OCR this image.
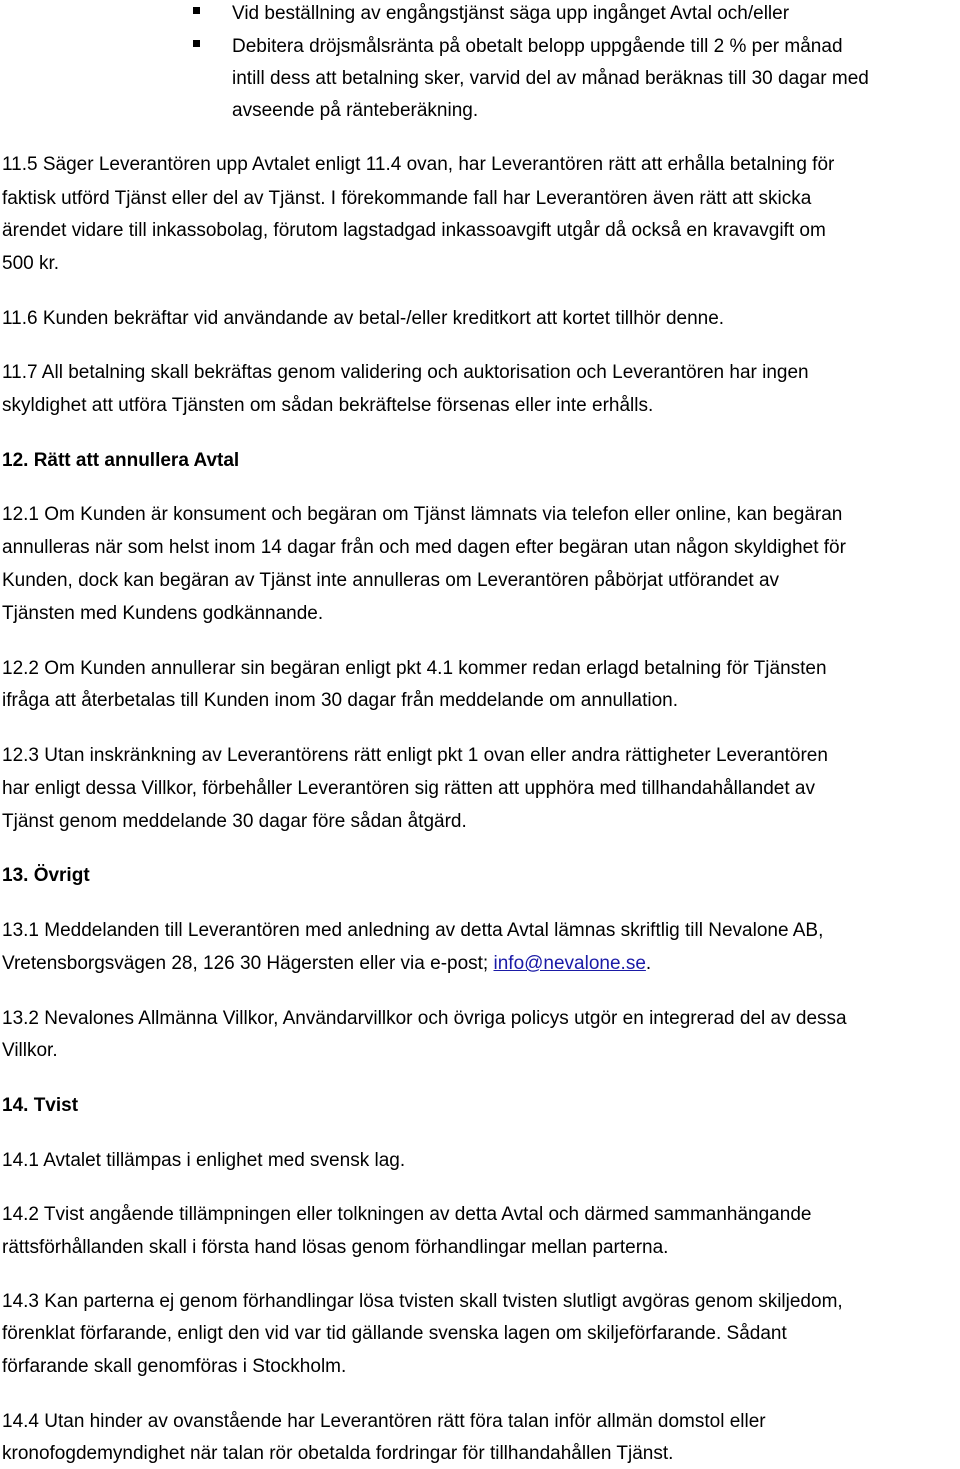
Vid beställning av engångstjänst säga upp ingånget Avtal och/eller
Debitera dröjsmålsränta på obetalt belopp uppgående till 2 % per månad
intill dess att betalning sker, varvid del av månad beräknas till 30 dagar med
avseende på ränteberäkning.
11.5 Säger Leverantören upp Avtalet enligt 11.4 ovan, har Leverantören rätt att erhålla betalning för
faktisk utförd Tjänst eller del av Tjänst. I förekommande fall har Leverantören även rätt att skicka
ärendet vidare till inkassobolag, förutom lagstadgad inkassoavgift utgår då också en kravavgift om
500 kr.
11.6 Kunden bekräftar vid användande av betal-/eller kreditkort att kortet tillhör denne.
11.7 All betalning skall bekräftas genom validering och auktorisation och Leverantören har ingen
skyldighet att utföra Tjänsten om sådan bekräftelse försenas eller inte erhålls.
12. Rätt att annullera Avtal
12.1 Om Kunden är konsument och begäran om Tjänst lämnats via telefon eller online, kan begäran
annulleras när som helst inom 14 dagar från och med dagen efter begäran utan någon skyldighet för
Kunden, dock kan begäran av Tjänst inte annulleras om Leverantören påbörjat utförandet av
Tjänsten med Kundens godkännande.
12.2 Om Kunden annullerar sin begäran enligt pkt 4.1 kommer redan erlagd betalning för Tjänsten
ifråga att återbetalas till Kunden inom 30 dagar från meddelande om annullation.
12.3 Utan inskränkning av Leverantörens rätt enligt pkt 1 ovan eller andra rättigheter Leverantören
har enligt dessa Villkor, förbehåller Leverantören sig rätten att upphöra med tillhandahållandet av
Tjänst genom meddelande 30 dagar före sådan åtgärd.
13. Övrigt
13.1 Meddelanden till Leverantören med anledning av detta Avtal lämnas skriftlig till Nevalone AB,
Vretensborgsvägen 28, 126 30 Hägersten eller via e-post; info@nevalone.se.
13.2 Nevalones Allmänna Villkor, Användarvillkor och övriga policys utgör en integrerad del av dessa
Villkor.
14. Tvist
14.1 Avtalet tillämpas i enlighet med svensk lag.
14.2 Tvist angående tillämpningen eller tolkningen av detta Avtal och därmed sammanhängande
rättsförhållanden skall i första hand lösas genom förhandlingar mellan parterna.
14.3 Kan parterna ej genom förhandlingar lösa tvisten skall tvisten slutligt avgöras genom skiljedom,
förenklat förfarande, enligt den vid var tid gällande svenska lagen om skiljeförfarande. Sådant
förfarande skall genomföras i Stockholm.
14.4 Utan hinder av ovanstående har Leverantören rätt föra talan inför allmän domstol eller
kronofogdemyndighet när talan rör obetalda fordringar för tillhandahållen Tjänst.
